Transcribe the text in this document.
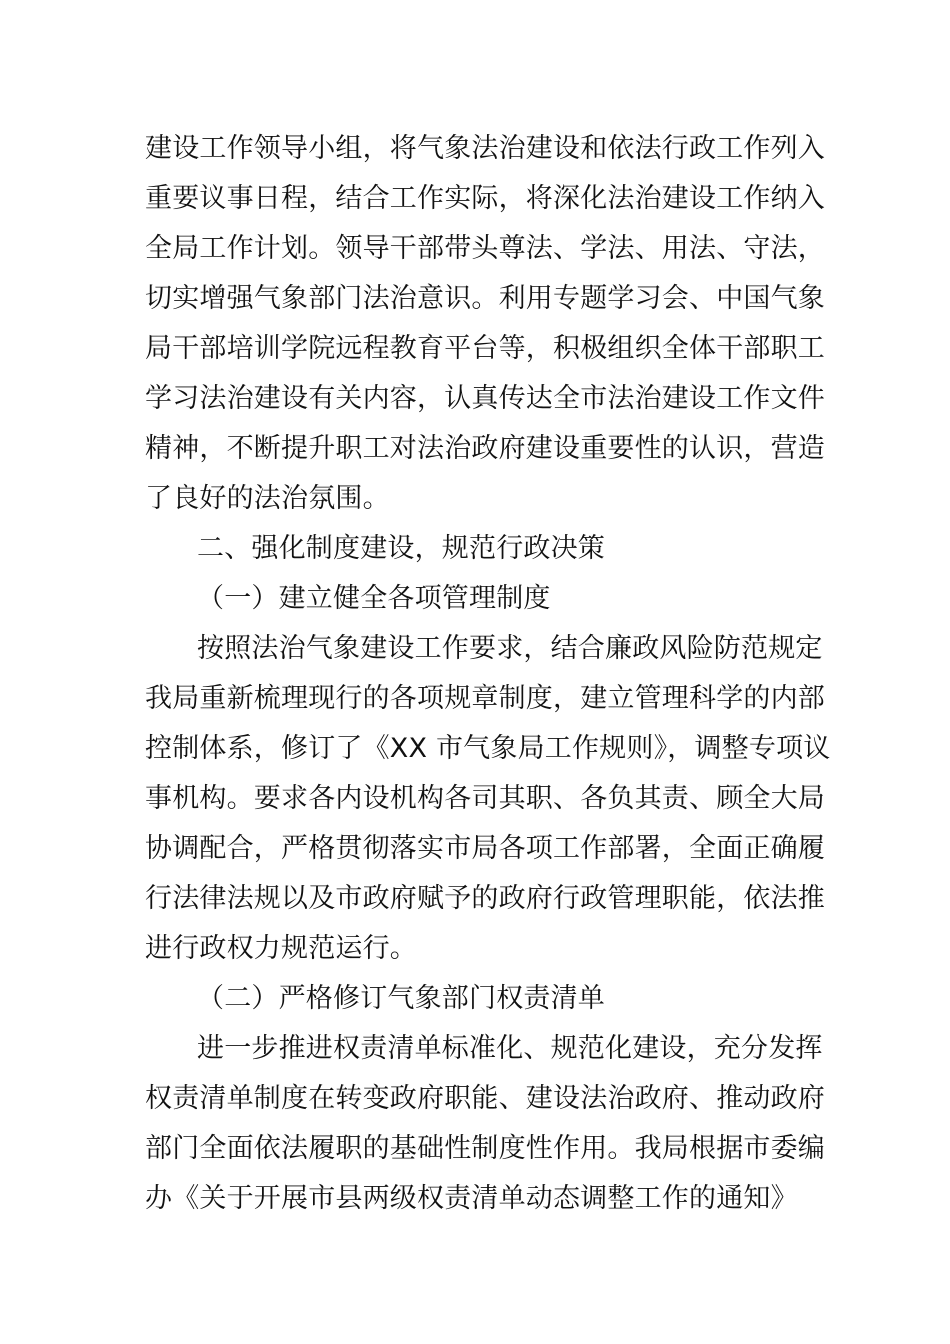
建设工作领导小组，将气象法治建设和依法行政工作列入
重要议事日程，结合工作实际，将深化法治建设工作纳入
全局工作计划。领导干部带头尊法、学法、用法、守法，
切实增强气象部门法治意识。利用专题学习会、中国气象
局干部培训学院远程教育平台等，积极组织全体干部职工
学习法治建设有关内容，认真传达全市法治建设工作文件
精神，不断提升职工对法治政府建设重要性的认识，营造
了良好的法治氛围。
二、强化制度建设，规范行政决策
（一）建立健全各项管理制度
按照法治气象建设工作要求，结合廉政风险防范规定
我局重新梳理现行的各项规章制度，建立管理科学的内部
控制体系，修订了《XX 市气象局工作规则》，调整专项议
事机构。要求各内设机构各司其职、各负其责、顾全大局
协调配合，严格贯彻落实市局各项工作部署，全面正确履
行法律法规以及市政府赋予的政府行政管理职能，依法推
进行政权力规范运行。
（二）严格修订气象部门权责清单
进一步推进权责清单标准化、规范化建设，充分发挥
权责清单制度在转变政府职能、建设法治政府、推动政府
部门全面依法履职的基础性制度性作用。我局根据市委编
办《关于开展市县两级权责清单动态调整工作的通知》
